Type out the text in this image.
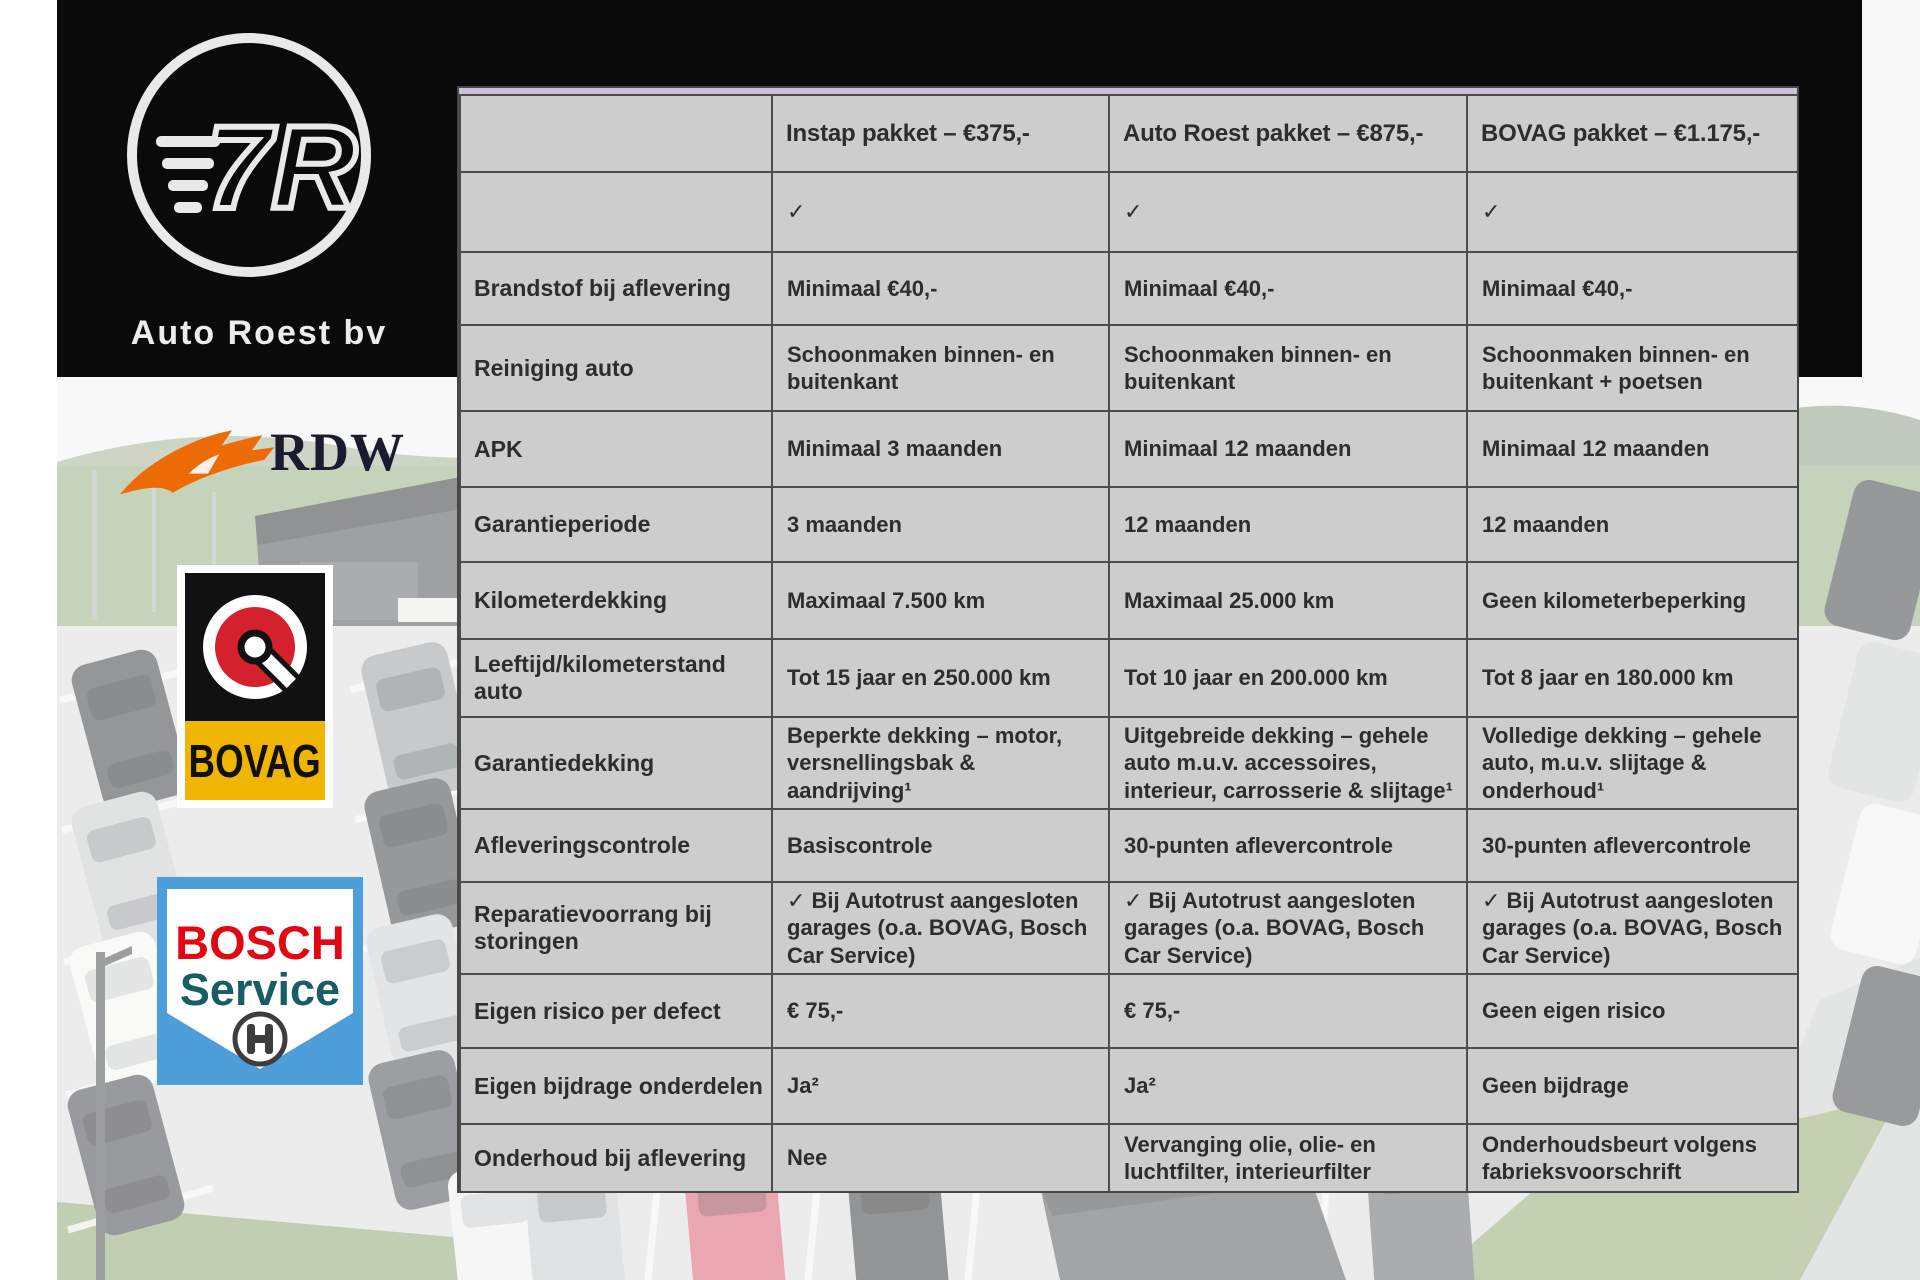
7R
Auto Roest bv

RDW

BOVAG
BOSCH
Service
	Instap pakket – €375,-	Auto Roest pakket – €875,-	BOVAG pakket – €1.175,-
	✓	✓	✓
Brandstof bij aflevering	Minimaal €40,-	Minimaal €40,-	Minimaal €40,-
Reiniging auto	Schoonmaken binnen- en buitenkant	Schoonmaken binnen- en buitenkant	Schoonmaken binnen- en buitenkant + poetsen
APK	Minimaal 3 maanden	Minimaal 12 maanden	Minimaal 12 maanden
Garantieperiode	3 maanden	12 maanden	12 maanden
Kilometerdekking	Maximaal 7.500 km	Maximaal 25.000 km	Geen kilometerbeperking
Leeftijd/kilometerstand auto	Tot 15 jaar en 250.000 km	Tot 10 jaar en 200.000 km	Tot 8 jaar en 180.000 km
Garantiedekking	Beperkte dekking – motor, versnellingsbak & aandrijving¹	Uitgebreide dekking – gehele auto m.u.v. accessoires, interieur, carrosserie & slijtage¹	Volledige dekking – gehele auto, m.u.v. slijtage & onderhoud¹
Afleveringscontrole	Basiscontrole	30-punten aflevercontrole	30-punten aflevercontrole
Reparatievoorrang bij storingen	✓ Bij Autotrust aangesloten garages (o.a. BOVAG, Bosch Car Service)	✓ Bij Autotrust aangesloten garages (o.a. BOVAG, Bosch Car Service)	✓ Bij Autotrust aangesloten garages (o.a. BOVAG, Bosch Car Service)
Eigen risico per defect	€ 75,-	€ 75,-	Geen eigen risico
Eigen bijdrage onderdelen	Ja²	Ja²	Geen bijdrage
Onderhoud bij aflevering	Nee	Vervanging olie, olie- en luchtfilter, interieurfilter	Onderhoudsbeurt volgens fabrieksvoorschrift
